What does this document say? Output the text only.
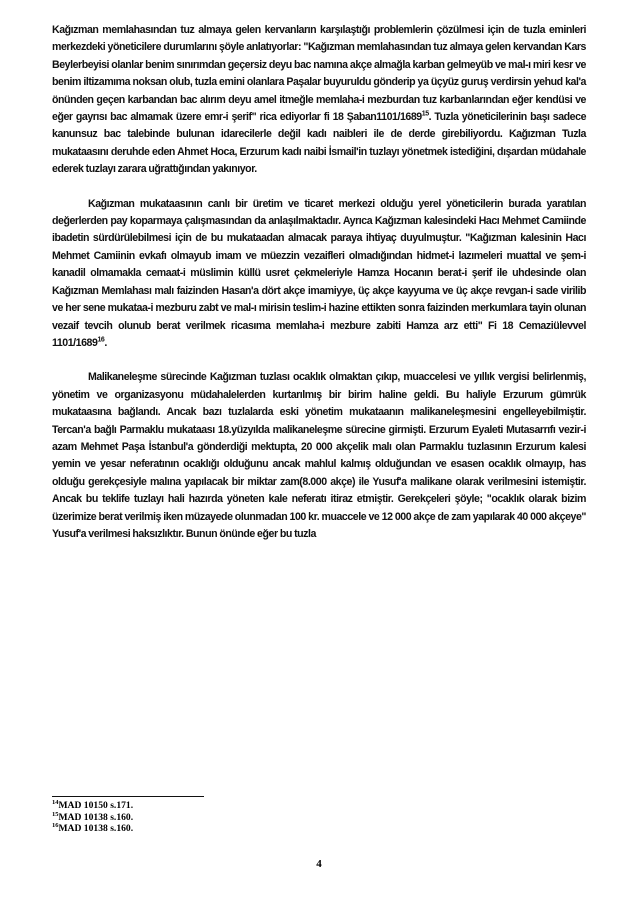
Kağızman memlahasından tuz almaya gelen kervanların karşılaştığı problemlerin çözülmesi için de tuzla eminleri merkezdeki yöneticilere durumlarını şöyle anlatıyorlar: "Kağızman memlahasından tuz almaya gelen kervandan Kars Beylerbeyisi olanlar benim sınırımdan geçersiz deyu bac namına akçe almağla karban gelmeyüb ve mal-ı miri kesr ve benim iltizamıma noksan olub, tuzla emini olanlara Paşalar buyuruldu gönderip ya üçyüz guruş verdirsin yehud kal'a önünden geçen karbandan bac alırım deyu amel itmeğle memlaha-i mezburdan tuz karbanlarından eğer kendüsi ve eğer gayrısı bac almamak üzere emr-i şerif" rica ediyorlar fi 18 Şaban1101/1689$^{15}$. Tuzla yöneticilerinin başı sadece kanunsuz bac talebinde bulunan idarecilerle değil kadı naibleri ile de derde girebiliyordu. Kağızman Tuzla mukataasını deruhde eden Ahmet Hoca, Erzurum kadı naibi İsmail'in tuzlayı yönetmek istediğini, dışardan müdahale ederek tuzlayı zarara uğrattığından yakınıyor.

Kağızman mukataasının canlı bir üretim ve ticaret merkezi olduğu yerel yöneticilerin burada yaratılan değerlerden pay koparmaya çalışmasından da anlaşılmaktadır. Ayrıca Kağızman kalesindeki Hacı Mehmet Camiinde ibadetin sürdürülebilmesi için de bu mukataadan almacak paraya ihtiyaç duyulmuştur. "Kağızman kalesinin Hacı Mehmet Camiinin evkafı olmayub imam ve müezzin vezaifleri olmadığından hidmet-i lazımeleri muattal ve şem-i kanadil olmamakla cemaat-i müslimin küllü usret çekmeleriyle Hamza Hocanın berat-i şerif ile uhdesinde olan Kağızman Memlahası malı faizinden Hasan'a dört akçe imamiyye, üç akçe kayyuma ve üç akçe revgan-i sade virilib ve her sene mukataa-i mezburu zabt ve mal-ı mirisin teslim-i hazine ettikten sonra faizinden merkumlara tayin olunan vezaif tevcih olunub berat verilmek ricasıma memlaha-i mezbure zabiti Hamza arz etti" Fi 18 Cemaziülevvel 1101/1689$^{16}$.

Malikaneleşme sürecinde Kağızman tuzlası ocaklık olmaktan çıkıp, muaccelesi ve yıllık vergisi belirlenmiş, yönetim ve organizasyonu müdahalelerden kurtarılmış bir birim haline geldi. Bu haliyle Erzurum gümrük mukataasına bağlandı. Ancak bazı tuzlalarda eski yönetim mukataanın malikaneleşmesini engelleyebilmiştir. Tercan'a bağlı Parmaklu mukataası 18.yüzyılda malikaneleşme sürecine girmişti. Erzurum Eyaleti Mutasarrıfı vezir-i azam Mehmet Paşa İstanbul'a gönderdiği mektupta, 20 000 akçelik malı olan Parmaklu tuzlasının Erzurum kalesi yemin ve yesar neferatının ocaklığı olduğunu ancak mahlul kalmış olduğundan ve esasen ocaklık olmayıp, has olduğu gerekçesiyle malına yapılacak bir miktar zam(8.000 akçe) ile Yusuf'a malikane olarak verilmesini istemiştir. Ancak bu teklife tuzlayı hali hazırda yöneten kale neferatı itiraz etmiştir. Gerekçeleri şöyle; "ocaklık olarak bizim üzerimize berat verilmiş iken müzayede olunmadan 100 kr. muaccele ve 12 000 akçe de zam yapılarak 40 000 akçeye" Yusuf'a verilmesi haksızlıktır. Bunun önünde eğer bu tuzla

$^{14}$MAD 10150 s.171.

$^{15}$MAD 10138 s.160.

$^{16}$MAD 10138 s.160.

4
